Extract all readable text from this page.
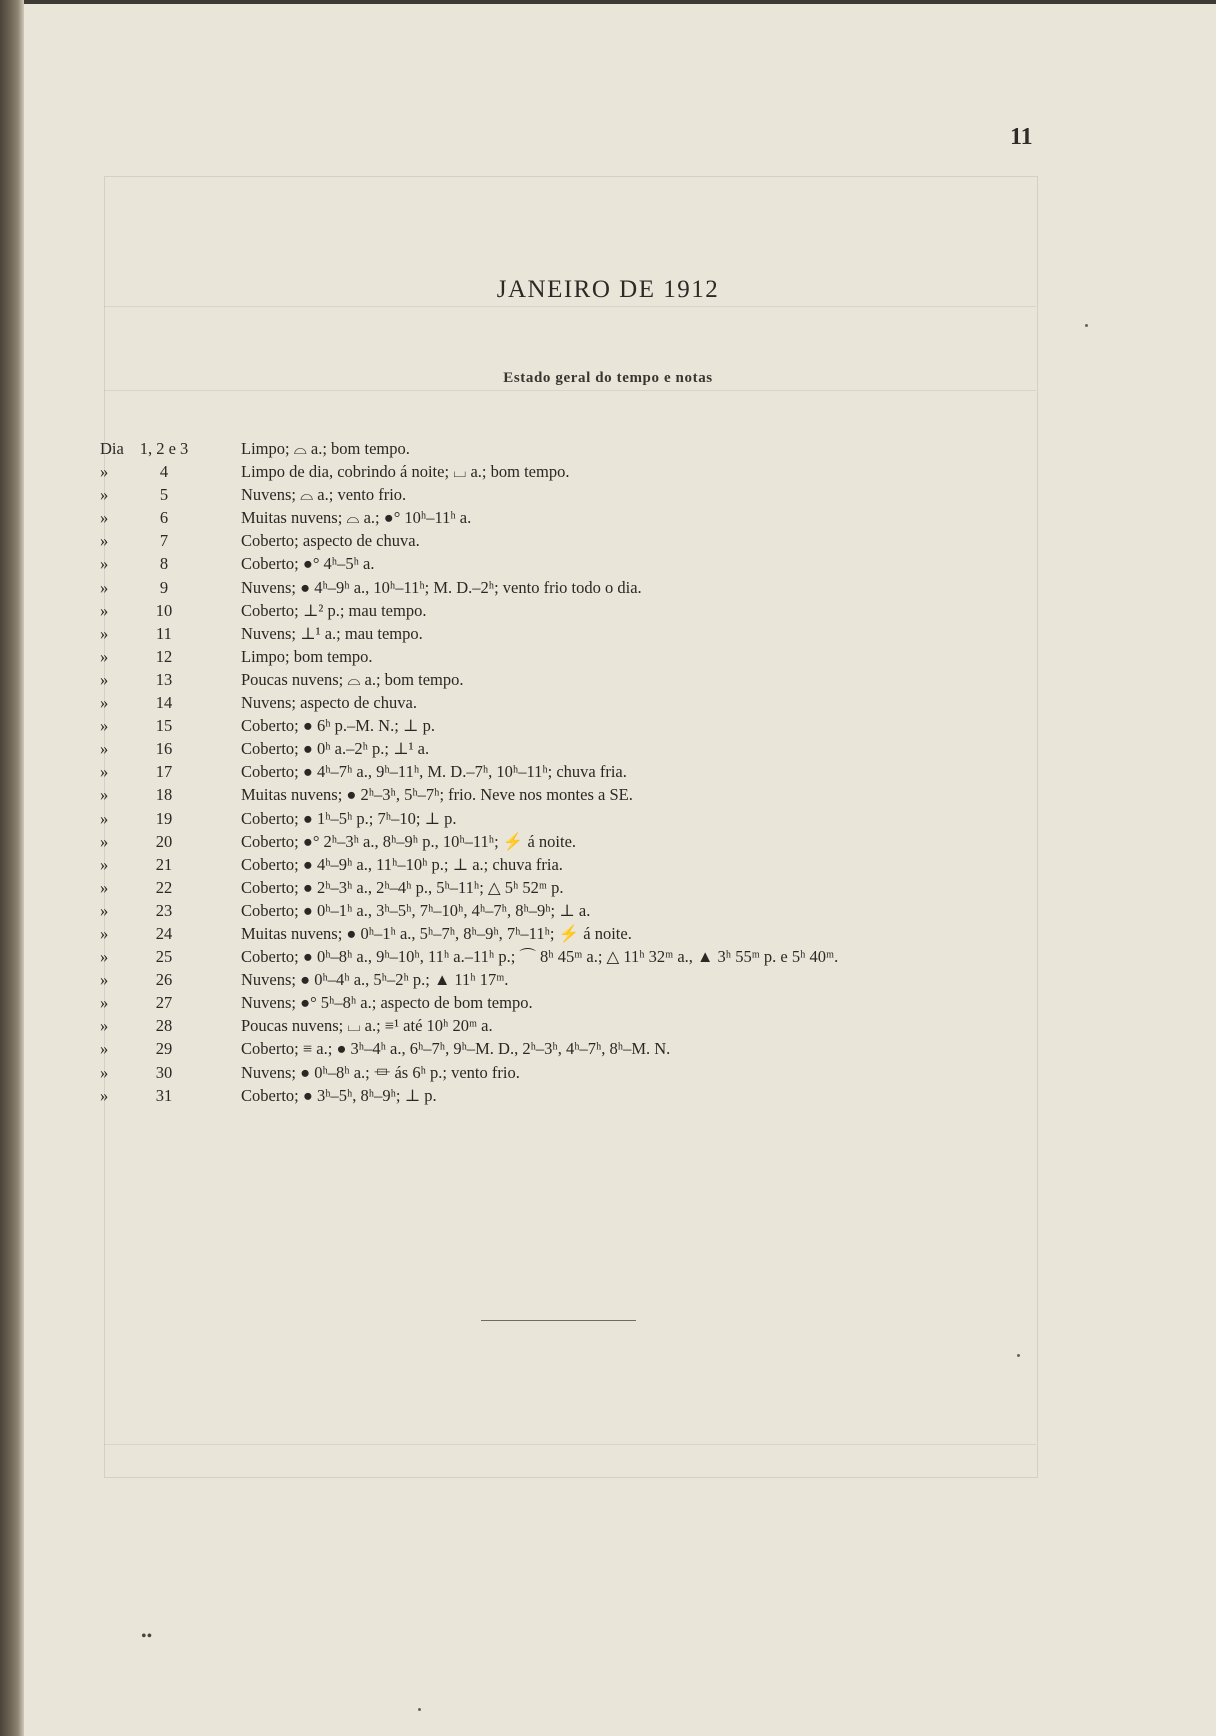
11
JANEIRO DE 1912
Estado geral do tempo e notas
Dia 1, 2 e 3	Limpo; ⌓ a.; bom tempo.
»	4	Limpo de dia, cobrindo á noite; ⌴ a.; bom tempo.
»	5	Nuvens; ⌓ a.; vento frio.
»	6	Muitas nuvens; ⌓ a.; ●° 10ʰ–11ʰ a.
»	7	Coberto; aspecto de chuva.
»	8	Coberto; ●° 4ʰ–5ʰ a.
»	9	Nuvens; ● 4ʰ–9ʰ a., 10ʰ–11ʰ; M. D.–2ʰ; vento frio todo o dia.
»	10	Coberto; ⊥² p.; mau tempo.
»	11	Nuvens; ⊥¹ a.; mau tempo.
»	12	Limpo; bom tempo.
»	13	Poucas nuvens; ⌓ a.; bom tempo.
»	14	Nuvens; aspecto de chuva.
»	15	Coberto; ● 6ʰ p.–M. N.; ⊥ p.
»	16	Coberto; ● 0ʰ a.–2ʰ p.; ⊥¹ a.
»	17	Coberto; ● 4ʰ–7ʰ a., 9ʰ–11ʰ, M. D.–7ʰ, 10ʰ–11ʰ; chuva fria.
»	18	Muitas nuvens; ● 2ʰ–3ʰ, 5ʰ–7ʰ; frio. Neve nos montes a SE.
»	19	Coberto; ● 1ʰ–5ʰ p.; 7ʰ–10; ⊥ p.
»	20	Coberto; ●° 2ʰ–3ʰ a., 8ʰ–9ʰ p., 10ʰ–11ʰ; ⚡ á noite.
»	21	Coberto; ● 4ʰ–9ʰ a., 11ʰ–10ʰ p.; ⊥ a.; chuva fria.
»	22	Coberto; ● 2ʰ–3ʰ a., 2ʰ–4ʰ p., 5ʰ–11ʰ; △ 5ʰ 52ᵐ p.
»	23	Coberto; ● 0ʰ–1ʰ a., 3ʰ–5ʰ, 7ʰ–10ʰ, 4ʰ–7ʰ, 8ʰ–9ʰ; ⊥ a.
»	24	Muitas nuvens; ● 0ʰ–1ʰ a., 5ʰ–7ʰ, 8ʰ–9ʰ, 7ʰ–11ʰ; ⚡ á noite.
»	25	Coberto; ● 0ʰ–8ʰ a., 9ʰ–10ʰ, 11ʰ a.–11ʰ p.; ⌒ 8ʰ 45ᵐ a.; △ 11ʰ 32ᵐ a., ▲ 3ʰ 55ᵐ p. e 5ʰ 40ᵐ.
»	26	Nuvens; ● 0ʰ–4ʰ a., 5ʰ–2ʰ p.; ▲ 11ʰ 17ᵐ.
»	27	Nuvens; ●° 5ʰ–8ʰ a.; aspecto de bom tempo.
»	28	Poucas nuvens; ⌴ a.; ≡¹ até 10ʰ 20ᵐ a.
»	29	Coberto; ≡ a.; ● 3ʰ–4ʰ a., 6ʰ–7ʰ, 9ʰ–M. D., 2ʰ–3ʰ, 4ʰ–7ʰ, 8ʰ–M. N.
»	30	Nuvens; ● 0ʰ–8ʰ a.; ⏛ ás 6ʰ p.; vento frio.
»	31	Coberto; ● 3ʰ–5ʰ, 8ʰ–9ʰ; ⊥ p.
••
